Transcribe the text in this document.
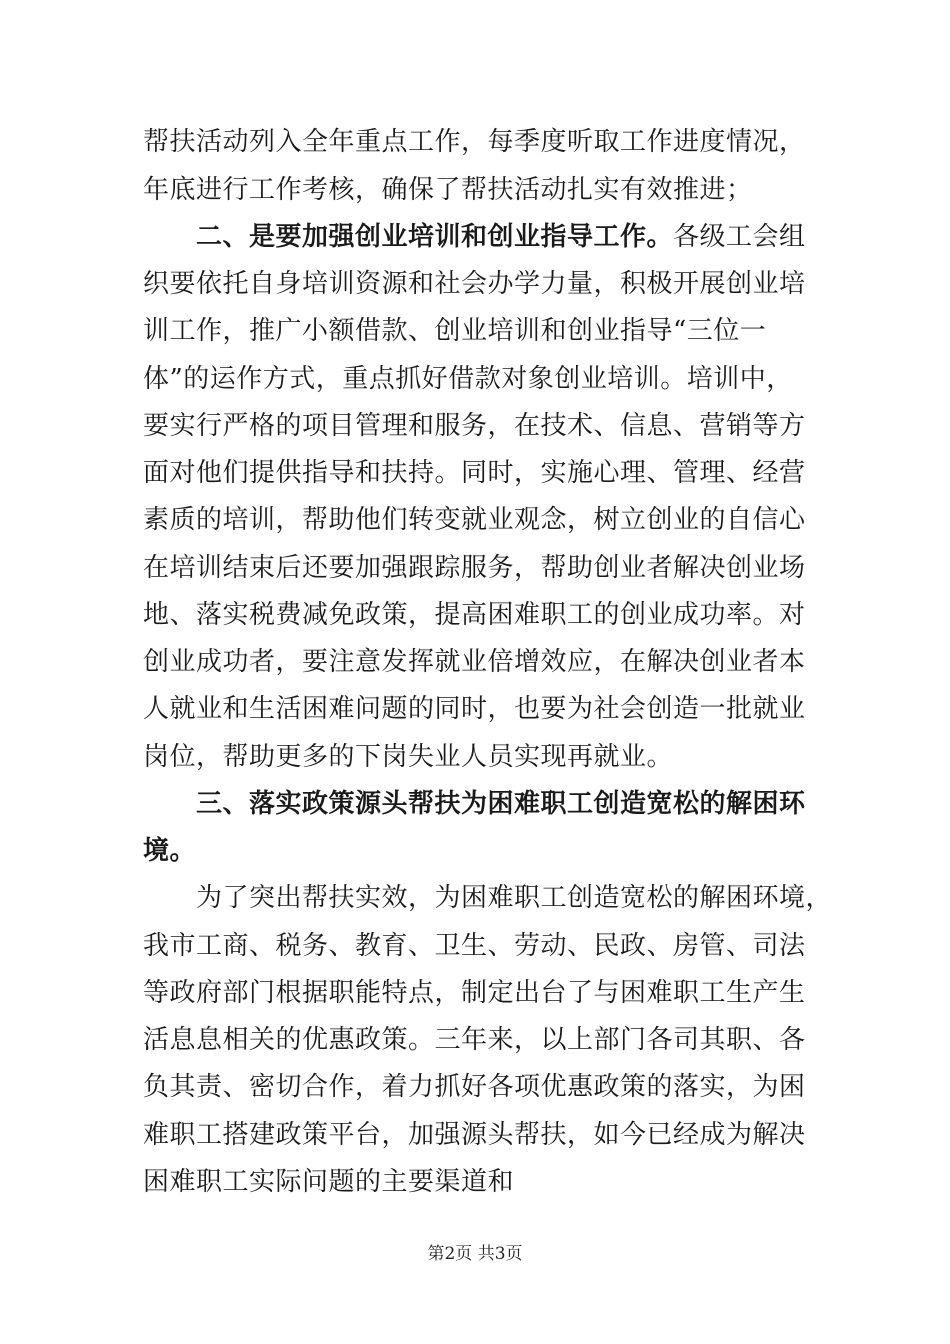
帮扶活动列入全年重点工作，每季度听取工作进度情况，
年底进行工作考核，确保了帮扶活动扎实有效推进；
二、是要加强创业培训和创业指导工作。各级工会组
织要依托自身培训资源和社会办学力量，积极开展创业培
训工作，推广小额借款、创业培训和创业指导“三位一
体”的运作方式，重点抓好借款对象创业培训。培训中，
要实行严格的项目管理和服务，在技术、信息、营销等方
面对他们提供指导和扶持。同时，实施心理、管理、经营
素质的培训，帮助他们转变就业观念，树立创业的自信心
在培训结束后还要加强跟踪服务，帮助创业者解决创业场
地、落实税费减免政策，提高困难职工的创业成功率。对
创业成功者，要注意发挥就业倍增效应，在解决创业者本
人就业和生活困难问题的同时，也要为社会创造一批就业
岗位，帮助更多的下岗失业人员实现再就业。
三、落实政策源头帮扶为困难职工创造宽松的解困环
境。
为了突出帮扶实效，为困难职工创造宽松的解困环境，
我市工商、税务、教育、卫生、劳动、民政、房管、司法
等政府部门根据职能特点，制定出台了与困难职工生产生
活息息相关的优惠政策。三年来，以上部门各司其职、各
负其责、密切合作，着力抓好各项优惠政策的落实，为困
难职工搭建政策平台，加强源头帮扶，如今已经成为解决
困难职工实际问题的主要渠道和
第2页 共3页
